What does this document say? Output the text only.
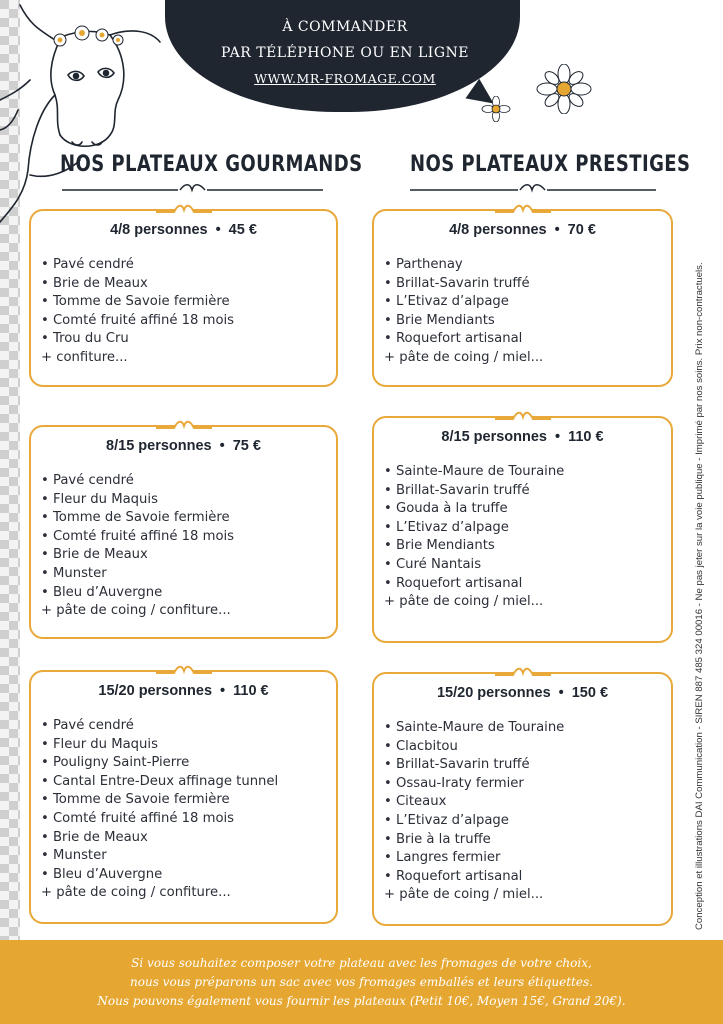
Conception et illustrations DAI Communication - SIREN 887 485 324 00016 - Ne pas jeter sur la voie publique - Imprimé par nos soins. Prix non-contractuels.
À COMMANDER
PAR TÉLÉPHONE OU EN LIGNE
WWW.MR-FROMAGE.COM
NOS PLATEAUX GOURMANDS NOS PLATEAUX PRESTIGES
4/8 personnes • 45 €
• Pavé cendré
• Brie de Meaux
• Tomme de Savoie fermière
• Comté fruité affiné 18 mois
• Trou du Cru
+ confiture...
4/8 personnes • 70 €
• Parthenay
• Brillat-Savarin truffé
• L’Etivaz d’alpage
• Brie Mendiants
• Roquefort artisanal
+ pâte de coing / miel...
8/15 personnes • 75 €
• Pavé cendré
• Fleur du Maquis
• Tomme de Savoie fermière
• Comté fruité affiné 18 mois
• Brie de Meaux
• Munster
• Bleu d’Auvergne
+ pâte de coing / confiture...
8/15 personnes • 110 €
• Sainte-Maure de Touraine
• Brillat-Savarin truffé
• Gouda à la truffe
• L’Etivaz d’alpage
• Brie Mendiants
• Curé Nantais
• Roquefort artisanal
+ pâte de coing / miel...
15/20 personnes • 110 €
• Pavé cendré
• Fleur du Maquis
• Pouligny Saint-Pierre
• Cantal Entre-Deux affinage tunnel
• Tomme de Savoie fermière
• Comté fruité affiné 18 mois
• Brie de Meaux
• Munster
• Bleu d’Auvergne
+ pâte de coing / confiture...
15/20 personnes • 150 €
• Sainte-Maure de Touraine
• Clacbitou
• Brillat-Savarin truffé
• Ossau-Iraty fermier
• Citeaux
• L’Etivaz d’alpage
• Brie à la truffe
• Langres fermier
• Roquefort artisanal
+ pâte de coing / miel...
Si vous souhaitez composer votre plateau avec les fromages de votre choix,
nous vous préparons un sac avec vos fromages emballés et leurs étiquettes.
Nous pouvons également vous fournir les plateaux (Petit 10€, Moyen 15€, Grand 20€).
